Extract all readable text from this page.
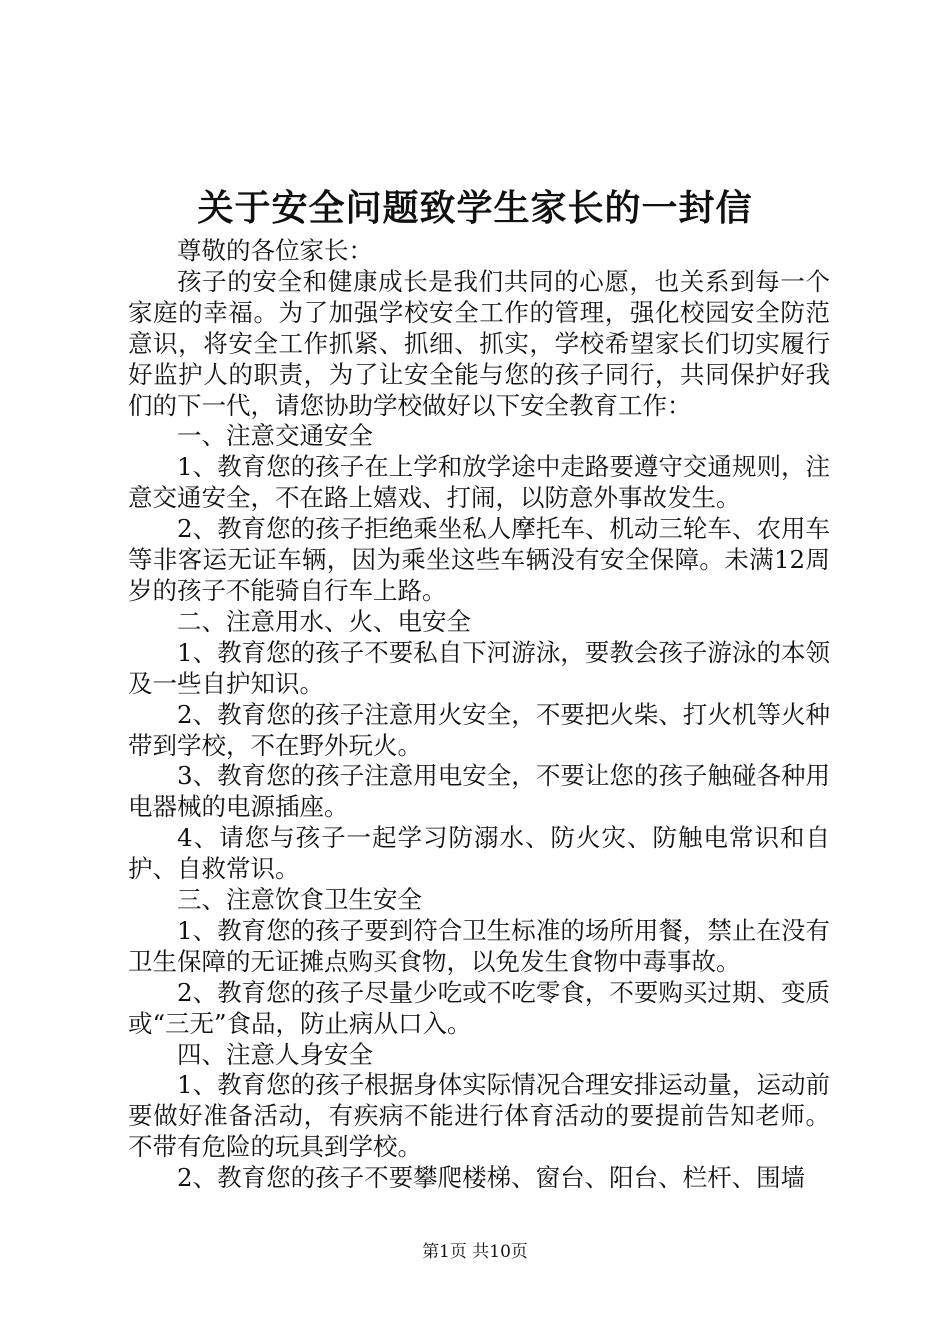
关于安全问题致学生家长的一封信

尊敬的各位家长：

孩子的安全和健康成长是我们共同的心愿，也关系到每一个家庭的幸福。为了加强学校安全工作的管理，强化校园安全防范意识，将安全工作抓紧、抓细、抓实，学校希望家长们切实履行好监护人的职责，为了让安全能与您的孩子同行，共同保护好我们的下一代，请您协助学校做好以下安全教育工作：

一、注意交通安全

1、教育您的孩子在上学和放学途中走路要遵守交通规则，注意交通安全，不在路上嬉戏、打闹，以防意外事故发生。

2、教育您的孩子拒绝乘坐私人摩托车、机动三轮车、农用车等非客运无证车辆，因为乘坐这些车辆没有安全保障。未满12周岁的孩子不能骑自行车上路。

二、注意用水、火、电安全

1、教育您的孩子不要私自下河游泳，要教会孩子游泳的本领及一些自护知识。

2、教育您的孩子注意用火安全，不要把火柴、打火机等火种带到学校，不在野外玩火。

3、教育您的孩子注意用电安全，不要让您的孩子触碰各种用电器械的电源插座。

4、请您与孩子一起学习防溺水、防火灾、防触电常识和自护、自救常识。

三、注意饮食卫生安全

1、教育您的孩子要到符合卫生标准的场所用餐，禁止在没有卫生保障的无证摊点购买食物，以免发生食物中毒事故。

2、教育您的孩子尽量少吃或不吃零食，不要购买过期、变质或“三无”食品，防止病从口入。

四、注意人身安全

1、教育您的孩子根据身体实际情况合理安排运动量，运动前要做好准备活动，有疾病不能进行体育活动的要提前告知老师。不带有危险的玩具到学校。

2、教育您的孩子不要攀爬楼梯、窗台、阳台、栏杆、围墙

第1页 共10页
